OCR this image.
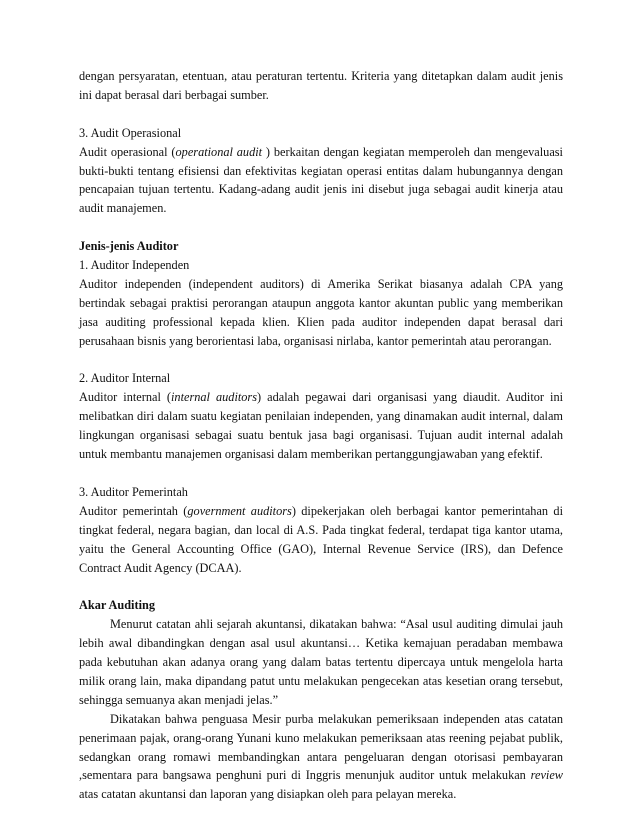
dengan persyaratan, etentuan, atau peraturan tertentu. Kriteria yang ditetapkan dalam audit jenis ini dapat berasal dari berbagai sumber.

3. Audit Operasional

Audit operasional (operational audit ) berkaitan dengan kegiatan memperoleh dan mengevaluasi bukti-bukti tentang efisiensi dan efektivitas kegiatan operasi entitas dalam hubungannya dengan pencapaian tujuan tertentu. Kadang-adang audit jenis ini disebut juga sebagai audit kinerja atau audit manajemen.

Jenis-jenis Auditor

1. Auditor Independen

Auditor independen (independent auditors) di Amerika Serikat biasanya adalah CPA yang bertindak sebagai praktisi perorangan ataupun anggota kantor akuntan public yang memberikan jasa auditing professional kepada klien. Klien pada auditor independen dapat berasal dari perusahaan bisnis yang berorientasi laba, organisasi nirlaba, kantor pemerintah atau perorangan.

2. Auditor Internal

Auditor internal (internal auditors) adalah pegawai dari organisasi yang diaudit. Auditor ini melibatkan diri dalam suatu kegiatan penilaian independen, yang dinamakan audit internal, dalam lingkungan organisasi sebagai suatu bentuk jasa bagi organisasi. Tujuan audit internal adalah untuk membantu manajemen organisasi dalam memberikan pertanggungjawaban yang efektif.

3. Auditor Pemerintah

Auditor pemerintah (government auditors) dipekerjakan oleh berbagai kantor pemerintahan di tingkat federal, negara bagian, dan local di A.S. Pada tingkat federal, terdapat tiga kantor utama, yaitu the General Accounting Office (GAO), Internal Revenue Service (IRS), dan Defence Contract Audit Agency (DCAA).

Akar Auditing

Menurut catatan ahli sejarah akuntansi, dikatakan bahwa: “Asal usul auditing dimulai jauh lebih awal dibandingkan dengan asal usul akuntansi… Ketika kemajuan peradaban membawa pada kebutuhan akan adanya orang yang dalam batas tertentu dipercaya untuk mengelola harta milik orang lain, maka dipandang patut untu melakukan pengecekan atas kesetian orang tersebut, sehingga semuanya akan menjadi jelas.”

Dikatakan bahwa penguasa Mesir purba melakukan pemeriksaan independen atas catatan penerimaan pajak, orang-orang Yunani kuno melakukan pemeriksaan atas reening pejabat publik, sedangkan orang romawi membandingkan antara pengeluaran dengan otorisasi pembayaran ,sementara para bangsawa penghuni puri di Inggris menunjuk auditor untuk melakukan review atas catatan akuntansi dan laporan yang disiapkan oleh para pelayan mereka.
